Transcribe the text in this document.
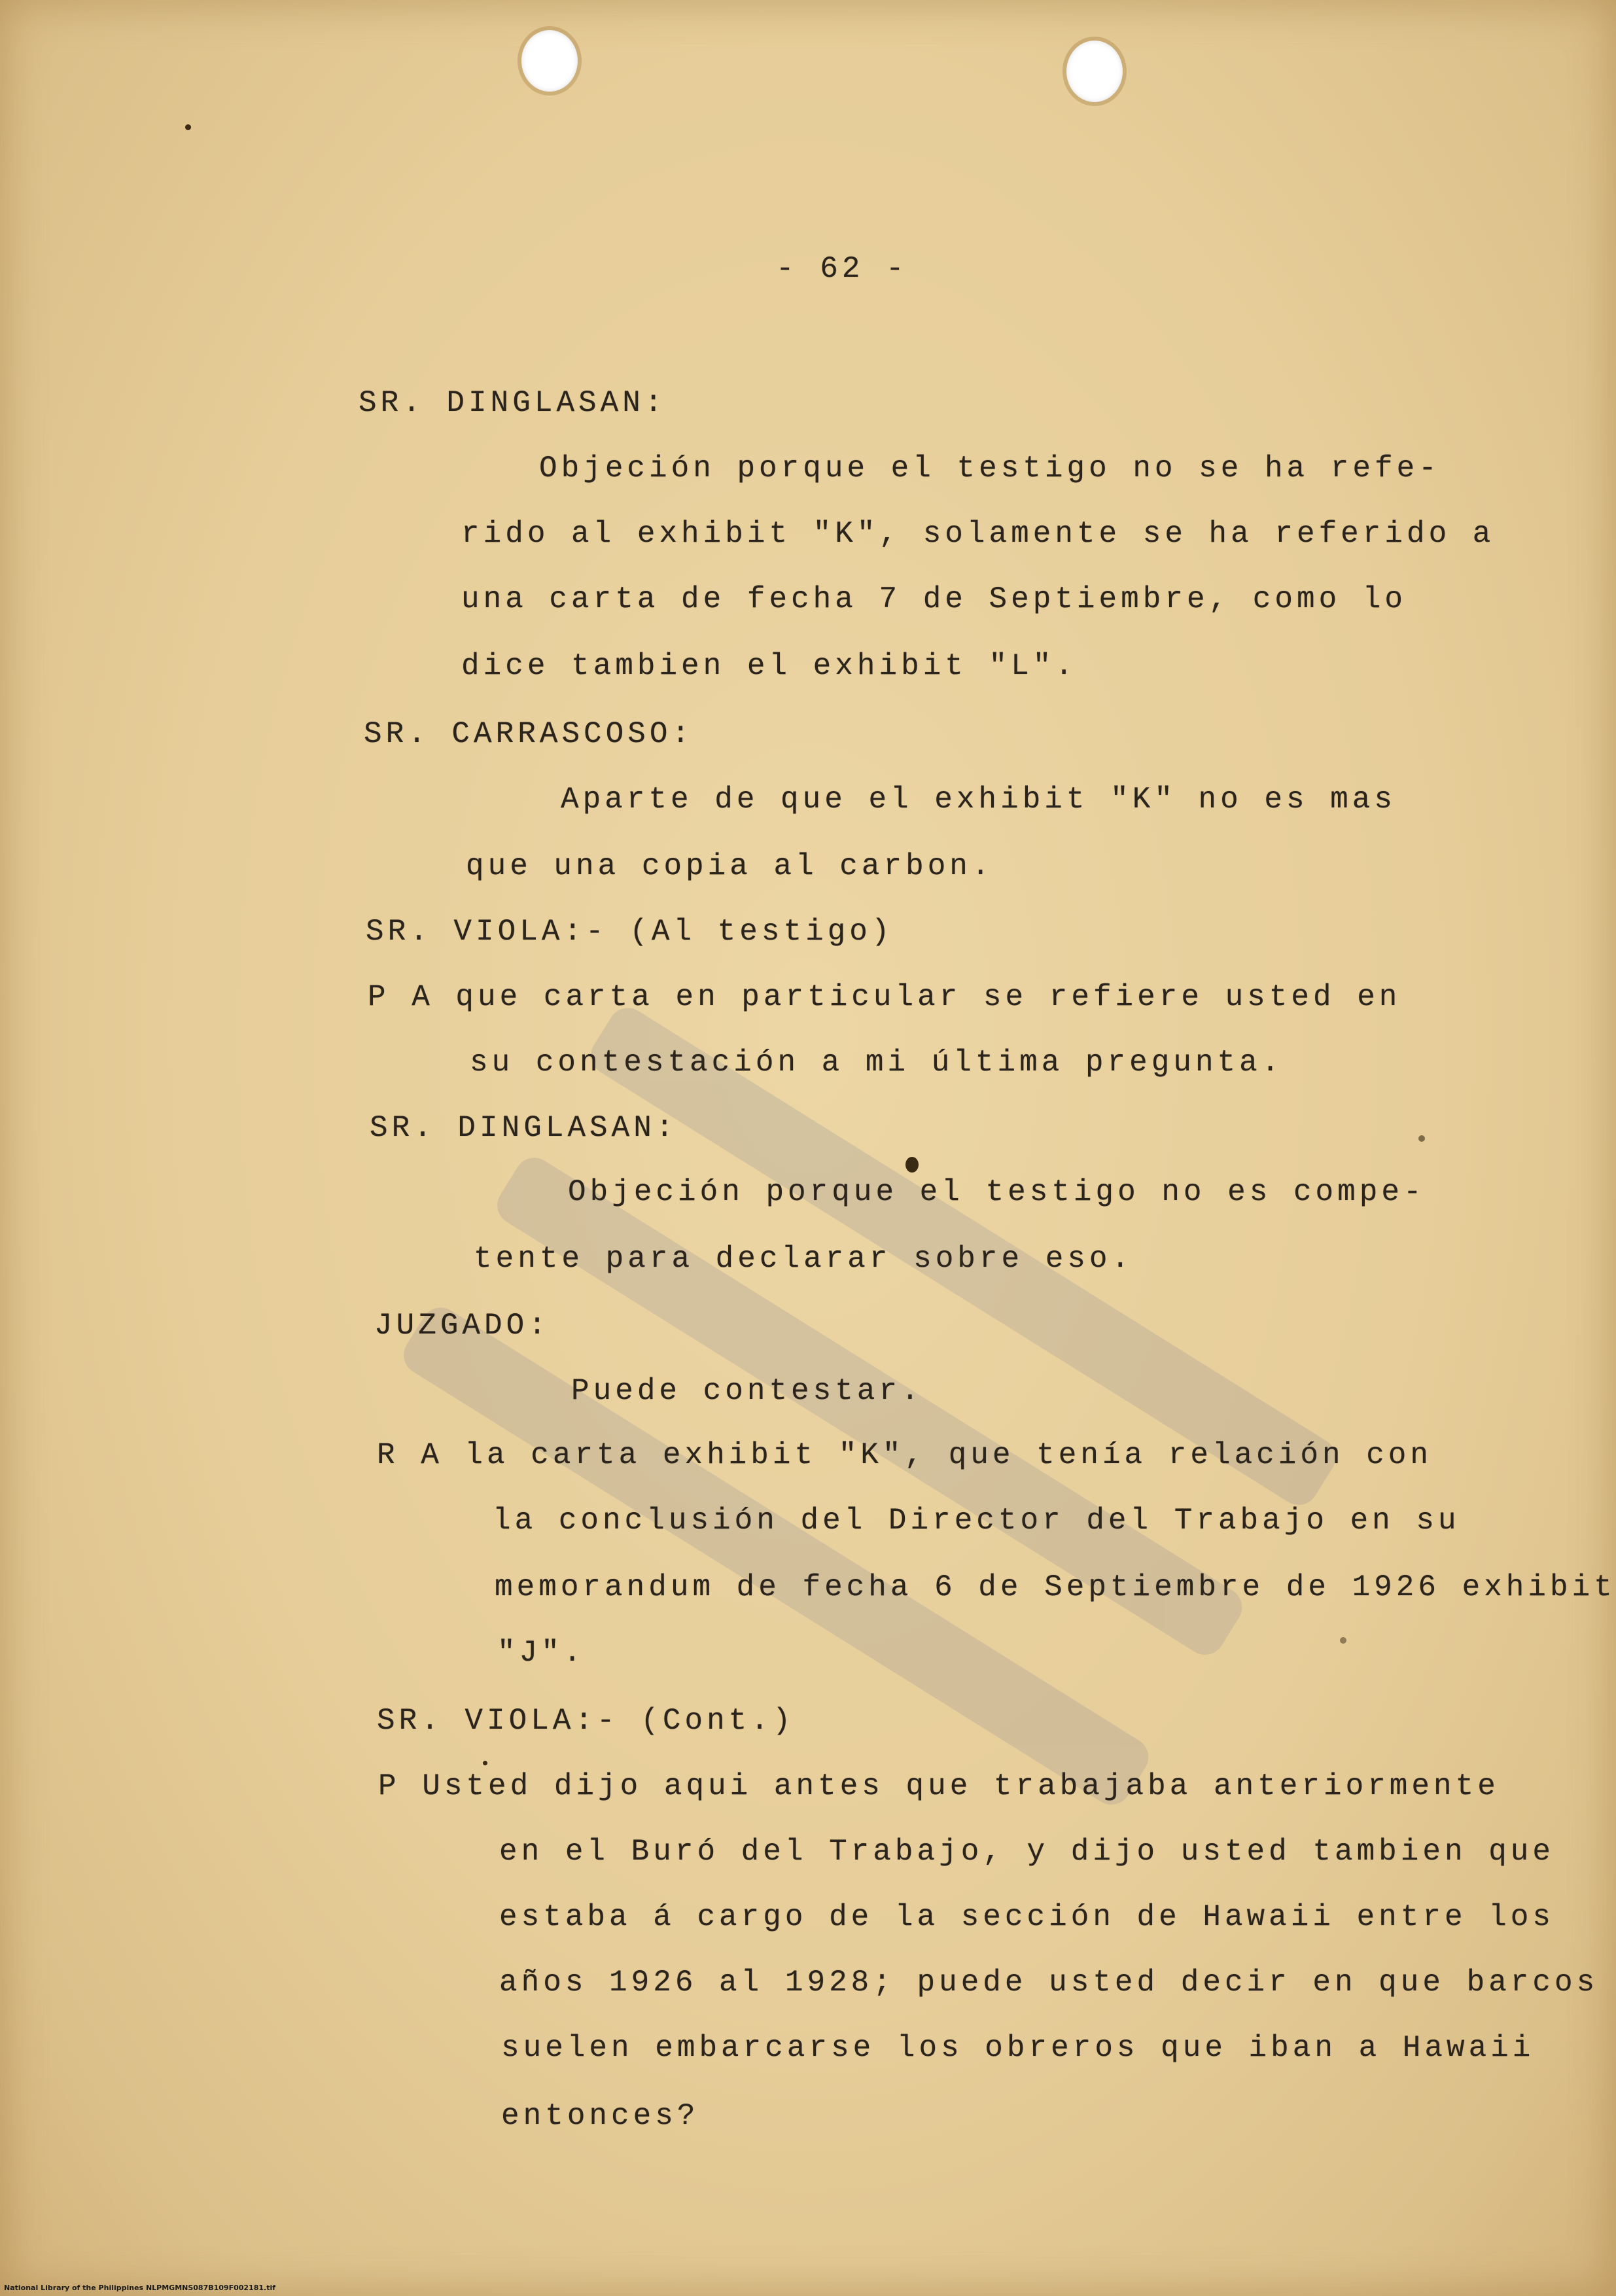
- 62 -
SR. DINGLASAN:
Objeción porque el testigo no se ha refe-
rido al exhibit "K", solamente se ha referido a
una carta de fecha 7 de Septiembre, como lo
dice tambien el exhibit "L".
SR. CARRASCOSO:
Aparte de que el exhibit "K" no es mas
que una copia al carbon.
SR. VIOLA:- (Al testigo)
P A que carta en particular se refiere usted en
su contestación a mi última pregunta.
SR. DINGLASAN:
Objeción porque el testigo no es compe-
tente para declarar sobre eso.
JUZGADO:
Puede contestar.
R A la carta exhibit "K", que tenía relación con
la conclusión del Director del Trabajo en su
memorandum de fecha 6 de Septiembre de 1926 exhibit
"J".
SR. VIOLA:- (Cont.)
P Usted dijo aqui antes que trabajaba anteriormente
en el Buró del Trabajo, y dijo usted tambien que
estaba á cargo de la sección de Hawaii entre los
años 1926 al 1928; puede usted decir en que barcos
suelen embarcarse los obreros que iban a Hawaii
entonces?
National Library of the Philippines NLPMGMNS087B109F002181.tif
